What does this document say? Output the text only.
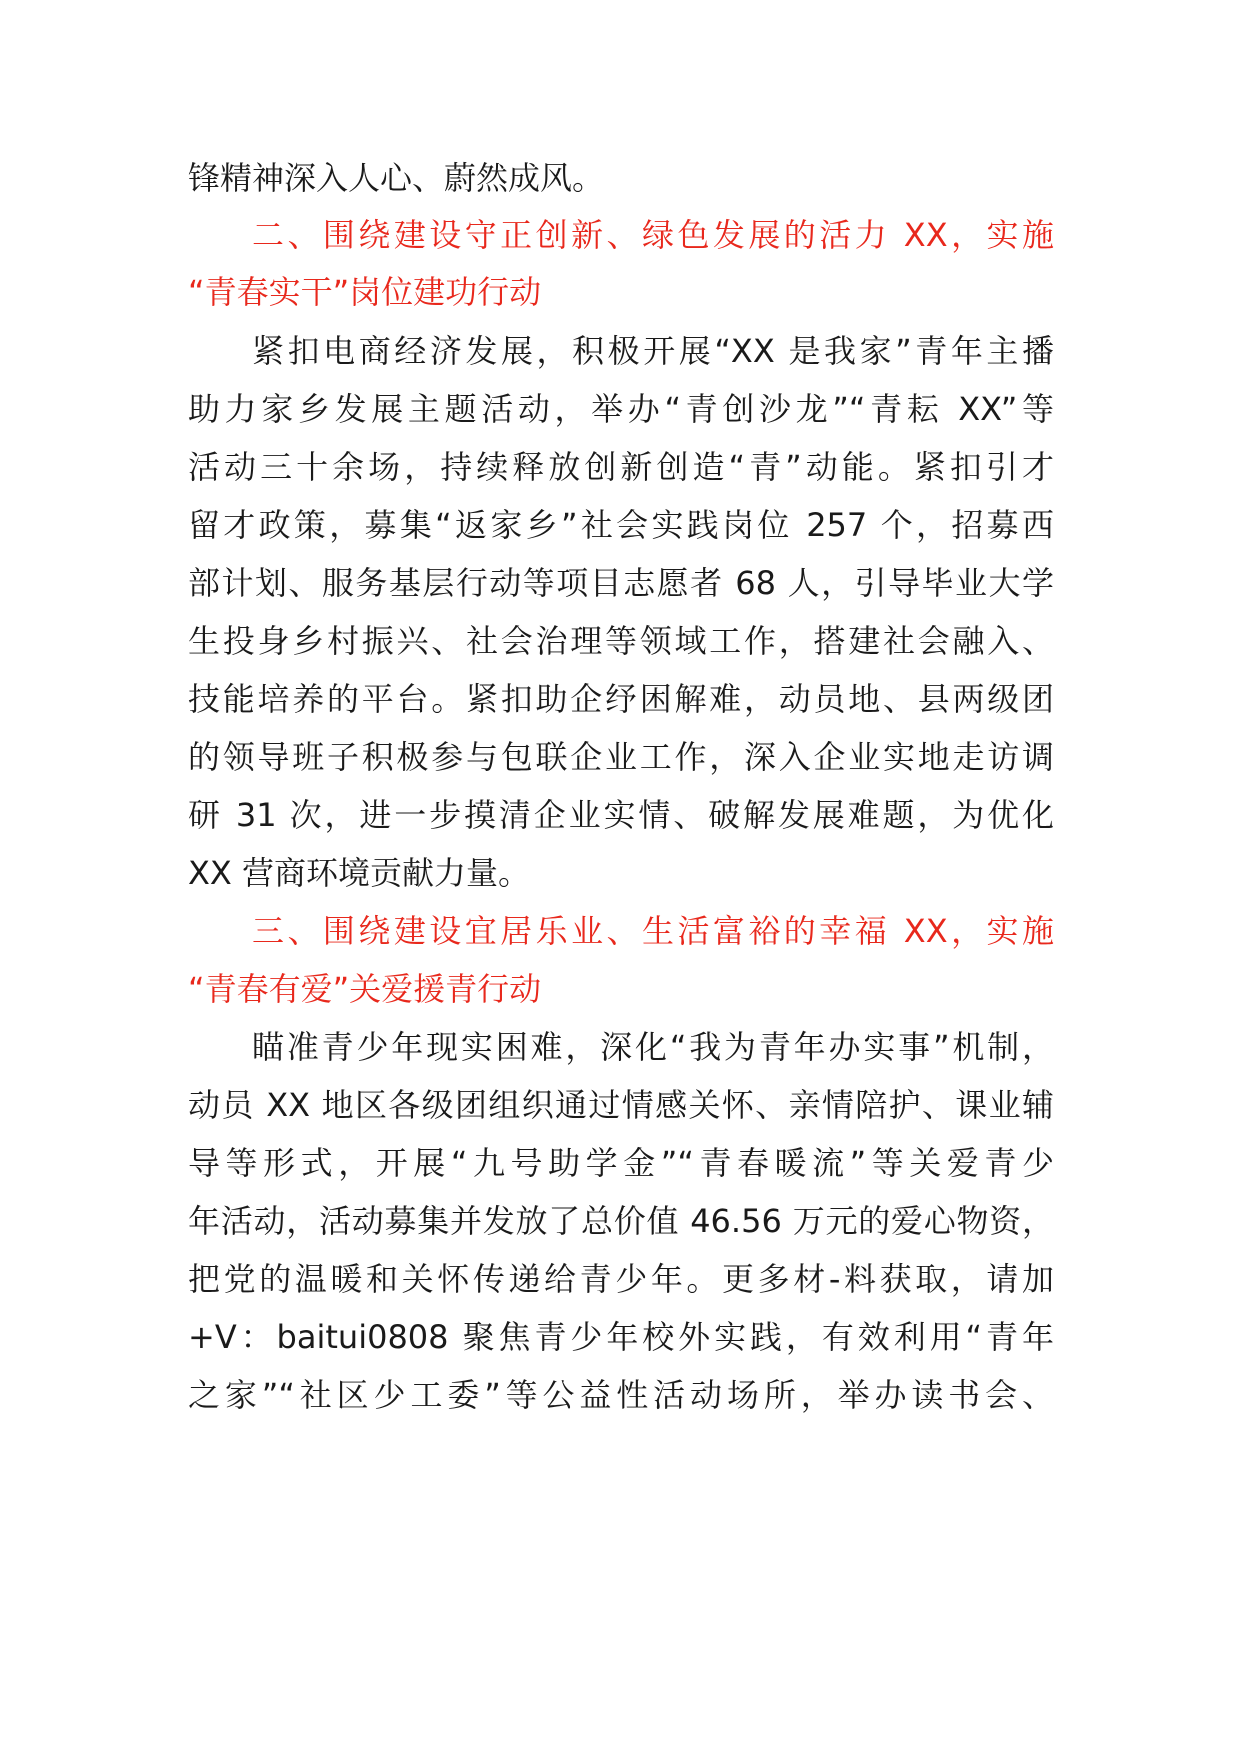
锋精神深入人心、蔚然成风。
二、围绕建设守正创新、绿色发展的活力 XX，实施
“青春实干”岗位建功行动
紧扣电商经济发展，积极开展“XX 是我家”青年主播
助力家乡发展主题活动，举办“青创沙龙”“青耘 XX”等
活动三十余场，持续释放创新创造“青”动能。紧扣引才
留才政策，募集“返家乡”社会实践岗位 257 个，招募西
部计划、服务基层行动等项目志愿者 68 人，引导毕业大学
生投身乡村振兴、社会治理等领域工作，搭建社会融入、
技能培养的平台。紧扣助企纾困解难，动员地、县两级团
的领导班子积极参与包联企业工作，深入企业实地走访调
研 31 次，进一步摸清企业实情、破解发展难题，为优化
XX 营商环境贡献力量。
三、围绕建设宜居乐业、生活富裕的幸福 XX，实施
“青春有爱”关爱援青行动
瞄准青少年现实困难，深化“我为青年办实事”机制，
动员 XX 地区各级团组织通过情感关怀、亲情陪护、课业辅
导等形式，开展“九号助学金”“青春暖流”等关爱青少
年活动，活动募集并发放了总价值 46.56 万元的爱心物资，
把党的温暖和关怀传递给青少年。更多材-料获取，请加
+V：baitui0808 聚焦青少年校外实践，有效利用“青年
之家”“社区少工委”等公益性活动场所，举办读书会、
